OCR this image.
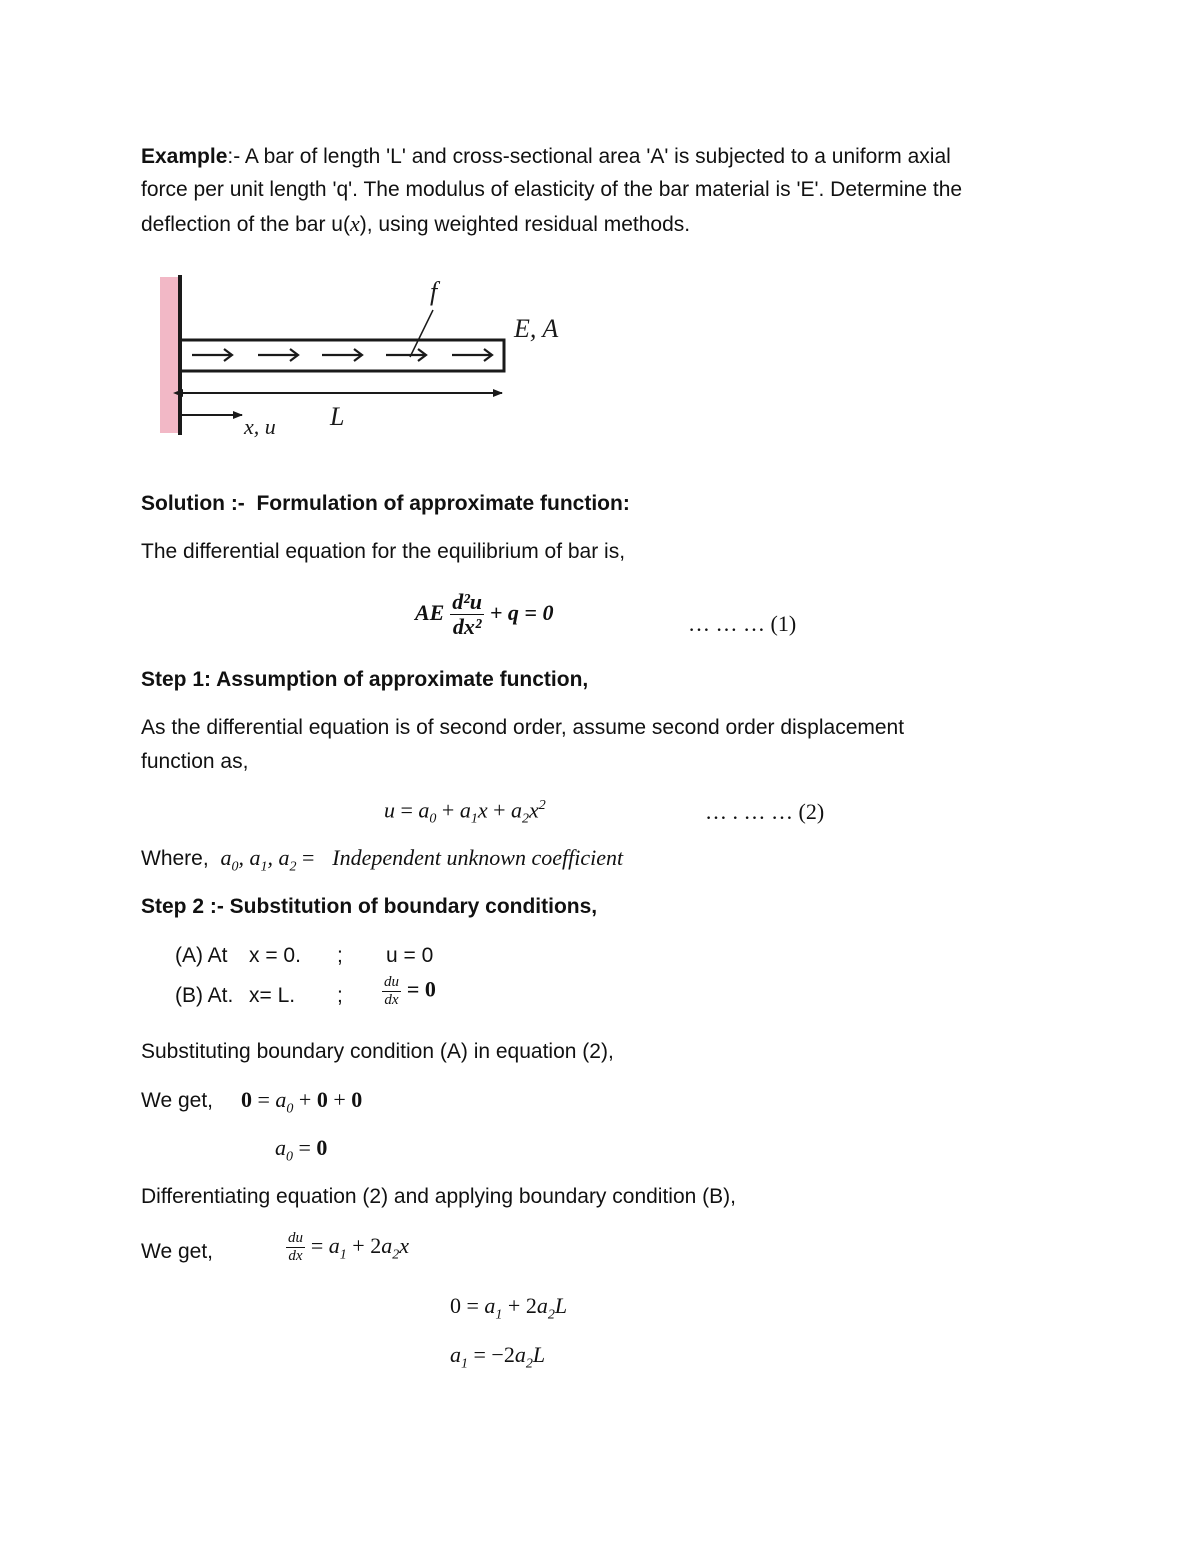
Example:- A bar of length 'L' and cross-sectional area 'A' is subjected to a uniform axial
force per unit length 'q'. The modulus of elasticity of the bar material is 'E'. Determine the
deflection of the bar u(x), using weighted residual methods.
f
E, A
L
x, u
Solution :- Formulation of approximate function:
The differential equation for the equilibrium of bar is,
AE $\frac{\text{d²u}}{\text{dx²}} + q = 0$	… … … (1)
Step 1: Assumption of approximate function,
As the differential equation is of second order, assume second order displacement
function as,
$u = a_0 + a_1x + a_2x^2$	… . … … (2)
Where, $a_0$, $a_1$, $a_2$ = Independent unknown coefficient
Step 2 :- Substitution of boundary conditions,
(A) At x = 0. ; u = 0
(B) At. x= L. ;	$\frac{du}{dx} = 0$
Substituting boundary condition (A) in equation (2),
We get, $0 = a_0 + 0 + 0$
$a_0 = 0$
Differentiating equation (2) and applying boundary condition (B),
We get,	$\frac{du}{dx} = a_1 + 2a_2x$
$0 = a_1 + 2a_2L$
$a_1 = -2a_2L$
